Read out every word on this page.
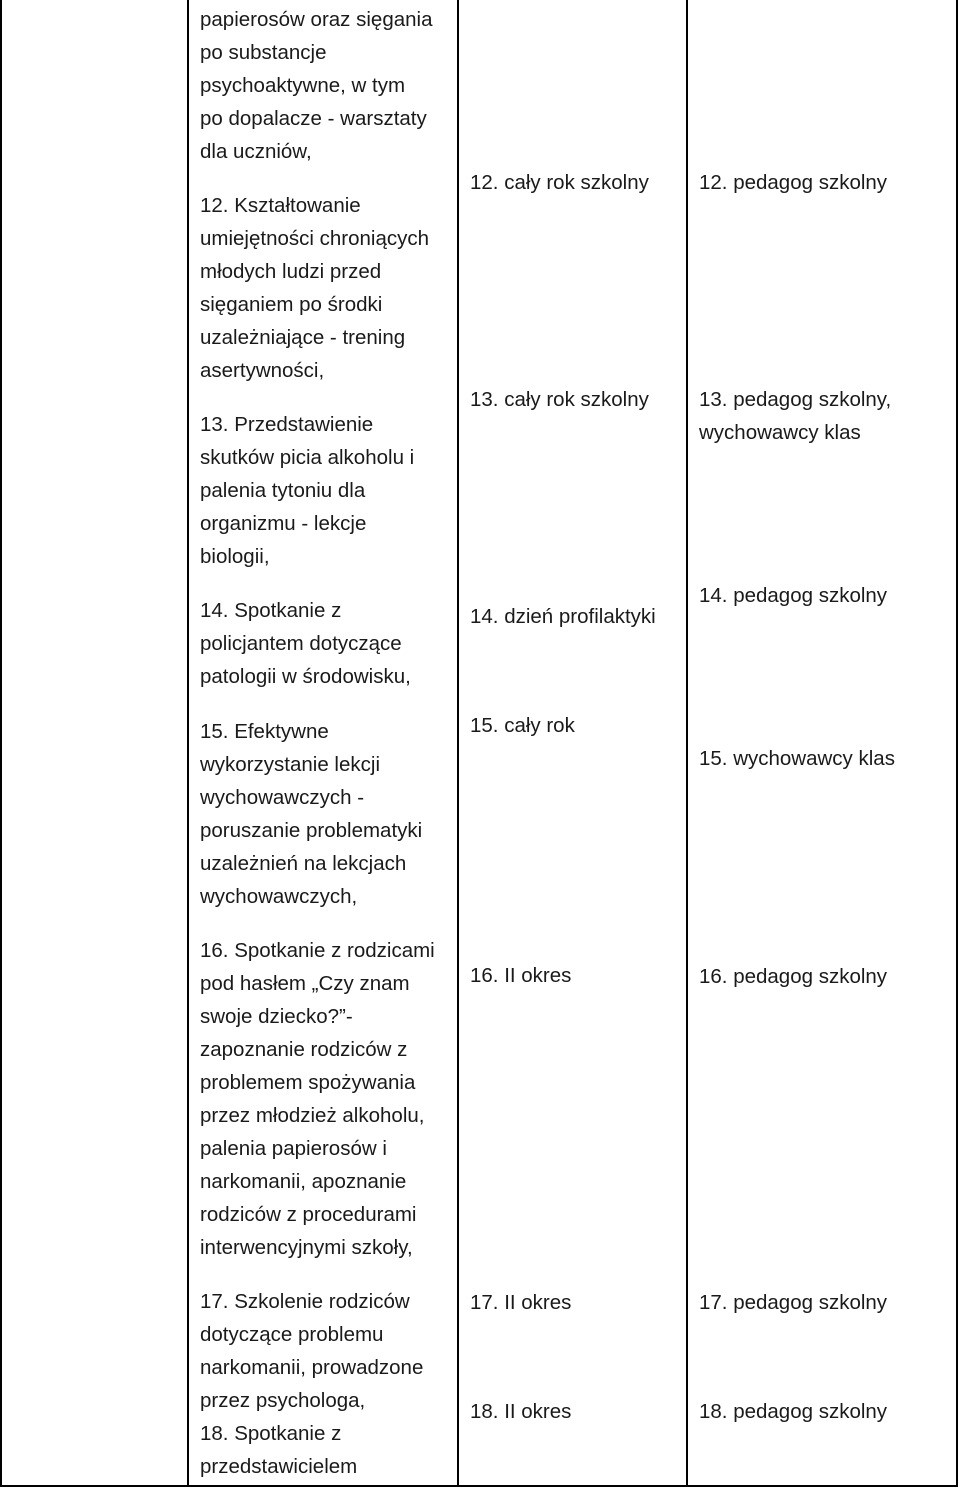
papierosów oraz sięgania
po substancje
psychoaktywne, w tym
po dopalacze - warsztaty
dla uczniów,
12. Kształtowanie
umiejętności chroniących
młodych ludzi przed
sięganiem po środki
uzależniające - trening
asertywności,
13. Przedstawienie
skutków picia alkoholu i
palenia tytoniu dla
organizmu - lekcje
biologii,
14. Spotkanie z
policjantem dotyczące
patologii w środowisku,
15. Efektywne
wykorzystanie lekcji
wychowawczych -
poruszanie problematyki
uzależnień na lekcjach
wychowawczych,
16. Spotkanie z rodzicami
pod hasłem „Czy znam
swoje dziecko?”-
zapoznanie rodziców z
problemem spożywania
przez młodzież alkoholu,
palenia papierosów i
narkomanii, apoznanie
rodziców z procedurami
interwencyjnymi szkoły,
17. Szkolenie rodziców
dotyczące problemu
narkomanii, prowadzone
przez psychologa,
18. Spotkanie z
przedstawicielem
12. cały rok szkolny
13. cały rok szkolny
14. dzień profilaktyki
15. cały rok
16. II okres
17. II okres
18. II okres
12. pedagog szkolny
13. pedagog szkolny,
wychowawcy klas
14. pedagog szkolny
15. wychowawcy klas
16. pedagog szkolny
17. pedagog szkolny
18. pedagog szkolny
